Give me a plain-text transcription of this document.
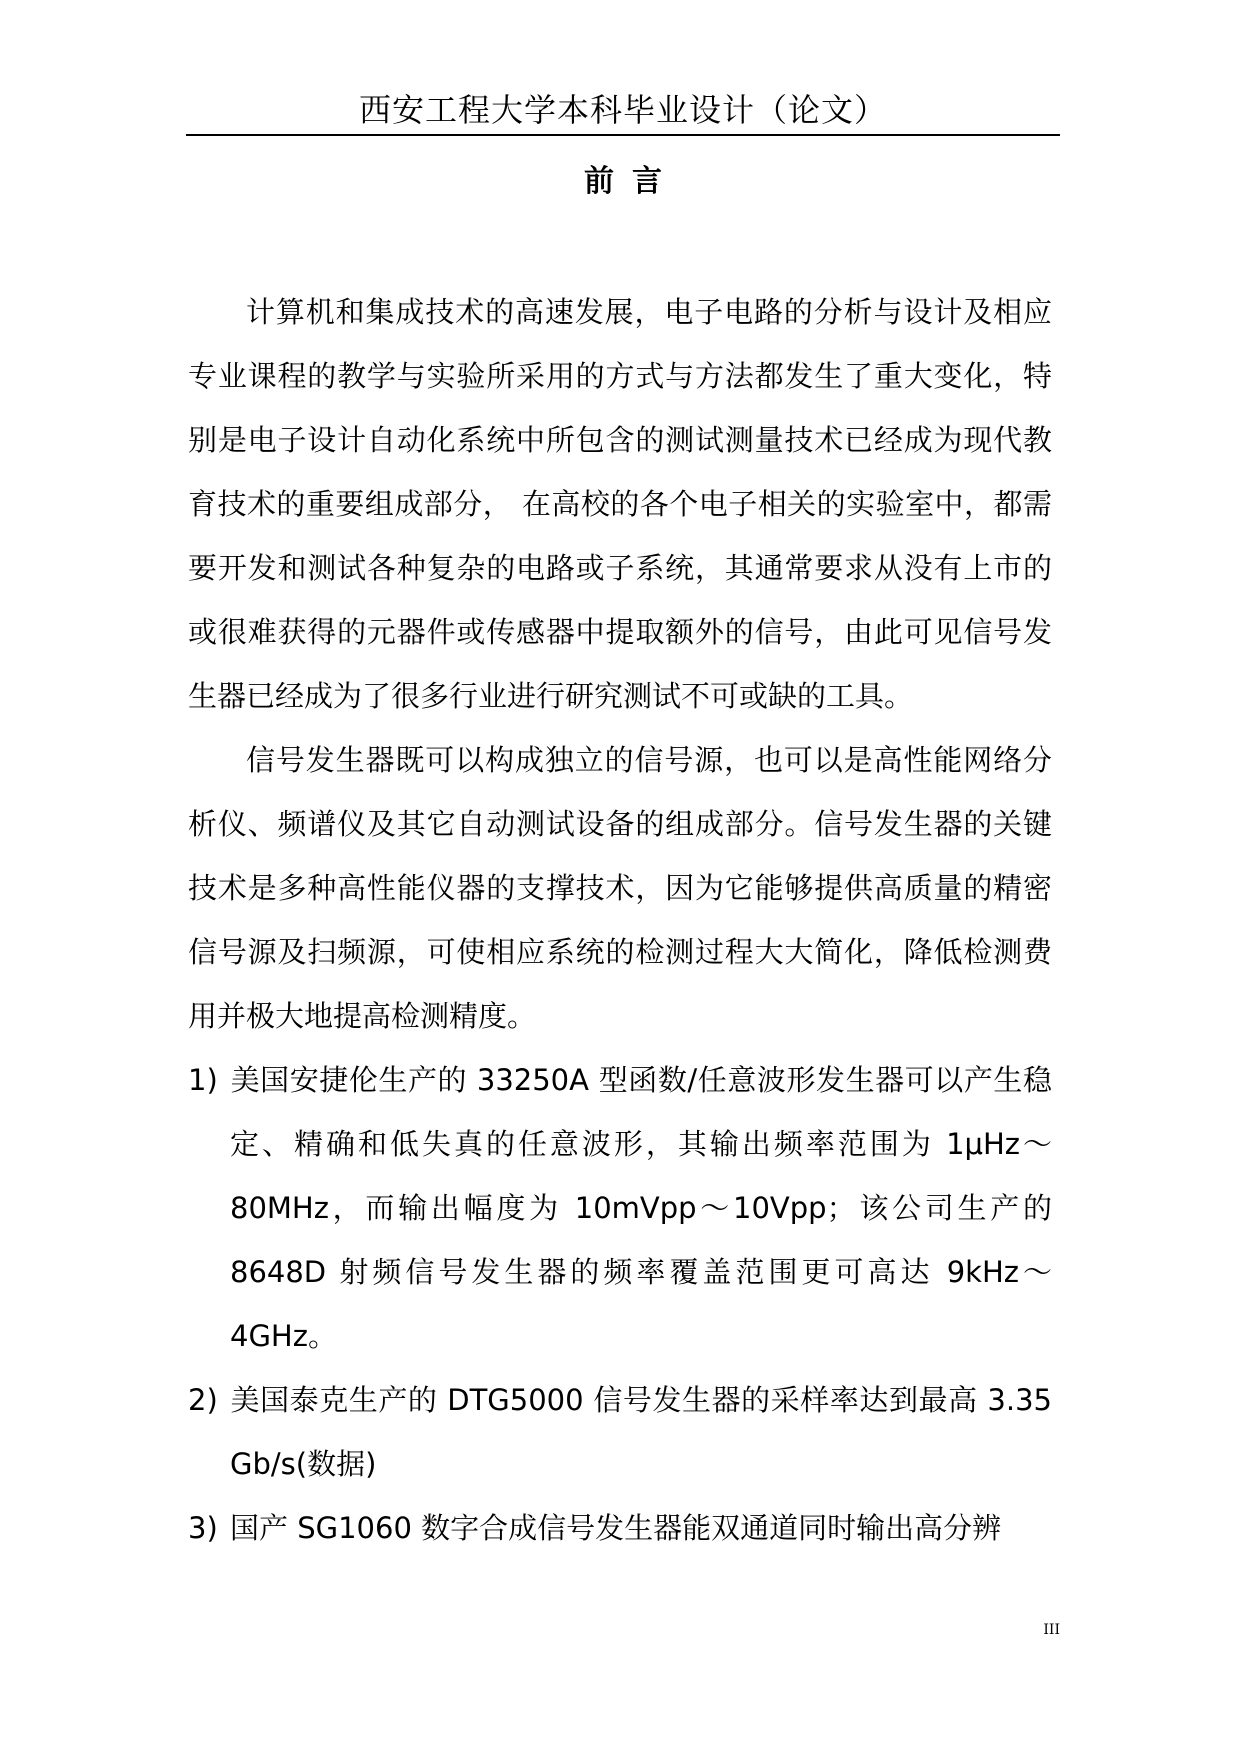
西安工程大学本科毕业设计（论文）
前言

计算机和集成技术的高速发展，电子电路的分析与设计及相应专业课程的教学与实验所采用的方式与方法都发生了重大变化，特别是电子设计自动化系统中所包含的测试测量技术已经成为现代教育技术的重要组成部分， 在高校的各个电子相关的实验室中，都需要开发和测试各种复杂的电路或子系统，其通常要求从没有上市的或很难获得的元器件或传感器中提取额外的信号，由此可见信号发生器已经成为了很多行业进行研究测试不可或缺的工具。

信号发生器既可以构成独立的信号源，也可以是高性能网络分析仪、频谱仪及其它自动测试设备的组成部分。信号发生器的关键技术是多种高性能仪器的支撑技术，因为它能够提供高质量的精密信号源及扫频源，可使相应系统的检测过程大大简化，降低检测费用并极大地提高检测精度。

1) 美国安捷伦生产的 33250A 型函数/任意波形发生器可以产生稳定、精确和低失真的任意波形，其输出频率范围为 1μHz～80MHz，而输出幅度为 10mVpp～10Vpp；该公司生产的 8648D 射频信号发生器的频率覆盖范围更可高达 9kHz～4GHz。
2) 美国泰克生产的 DTG5000 信号发生器的采样率达到最高 3.35 Gb/s(数据)
3) 国产 SG1060 数字合成信号发生器能双通道同时输出高分辨
III
